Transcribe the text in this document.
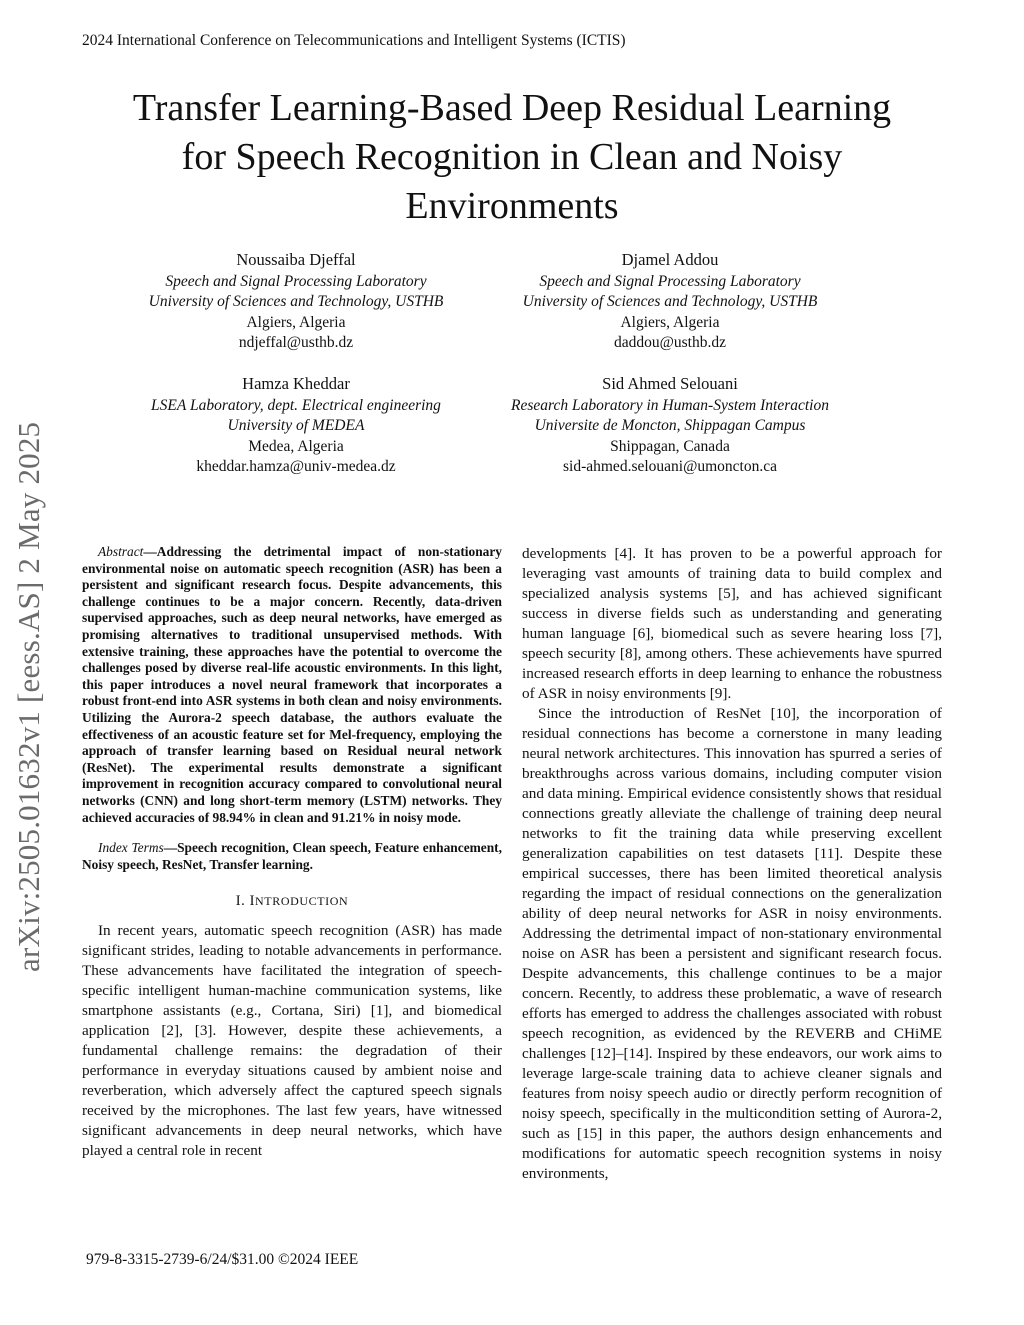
2024 International Conference on Telecommunications and Intelligent Systems (ICTIS)
Transfer Learning-Based Deep Residual Learning
for Speech Recognition in Clean and Noisy
Environments
Noussaiba Djeffal
Speech and Signal Processing Laboratory
University of Sciences and Technology, USTHB
Algiers, Algeria
ndjeffal@usthb.dz
Djamel Addou
Speech and Signal Processing Laboratory
University of Sciences and Technology, USTHB
Algiers, Algeria
daddou@usthb.dz
Hamza Kheddar
LSEA Laboratory, dept. Electrical engineering
University of MEDEA
Medea, Algeria
kheddar.hamza@univ-medea.dz
Sid Ahmed Selouani
Research Laboratory in Human-System Interaction
Universite de Moncton, Shippagan Campus
Shippagan, Canada
sid-ahmed.selouani@umoncton.ca
arXiv:2505.01632v1 [eess.AS] 2 May 2025	Abstract—Addressing the detrimental impact of non-stationary environmental noise on automatic speech recognition (ASR) has been a persistent and significant research focus. Despite advancements, this challenge continues to be a major concern. Recently, data-driven supervised approaches, such as deep neural networks, have emerged as promising alternatives to traditional unsupervised methods. With extensive training, these approaches have the potential to overcome the challenges posed by diverse real-life acoustic environments. In this light, this paper introduces a novel neural framework that incorporates a robust front-end into ASR systems in both clean and noisy environments. Utilizing the Aurora-2 speech database, the authors evaluate the effectiveness of an acoustic feature set for Mel-frequency, employing the approach of transfer learning based on Residual neural network (ResNet). The experimental results demonstrate a significant improvement in recognition accuracy compared to convolutional neural networks (CNN) and long short-term memory (LSTM) networks. They achieved accuracies of 98.94% in clean and 91.21% in noisy mode.

Index Terms—Speech recognition, Clean speech, Feature enhancement, Noisy speech, ResNet, Transfer learning.

I. INTRODUCTION

In recent years, automatic speech recognition (ASR) has made significant strides, leading to notable advancements in performance. These advancements have facilitated the integration of speech-specific intelligent human-machine communication systems, like smartphone assistants (e.g., Cortana, Siri) [1], and biomedical application [2], [3]. However, despite these achievements, a fundamental challenge remains: the degradation of their performance in everyday situations caused by ambient noise and reverberation, which adversely affect the captured speech signals received by the microphones. The last few years, have witnessed significant advancements in deep neural networks, which have played a central role in recent

developments [4]. It has proven to be a powerful approach for leveraging vast amounts of training data to build complex and specialized analysis systems [5], and has achieved significant success in diverse fields such as understanding and generating human language [6], biomedical such as severe hearing loss [7], speech security [8], among others. These achievements have spurred increased research efforts in deep learning to enhance the robustness of ASR in noisy environments [9].

Since the introduction of ResNet [10], the incorporation of residual connections has become a cornerstone in many leading neural network architectures. This innovation has spurred a series of breakthroughs across various domains, including computer vision and data mining. Empirical evidence consistently shows that residual connections greatly alleviate the challenge of training deep neural networks to fit the training data while preserving excellent generalization capabilities on test datasets [11]. Despite these empirical successes, there has been limited theoretical analysis regarding the impact of residual connections on the generalization ability of deep neural networks for ASR in noisy environments. Addressing the detrimental impact of non-stationary environmental noise on ASR has been a persistent and significant research focus. Despite advancements, this challenge continues to be a major concern. Recently, to address these problematic, a wave of research efforts has emerged to address the challenges associated with robust speech recognition, as evidenced by the REVERB and CHiME challenges [12]–[14]. Inspired by these endeavors, our work aims to leverage large-scale training data to achieve cleaner signals and features from noisy speech audio or directly perform recognition of noisy speech, specifically in the multicondition setting of Aurora-2, such as [15] in this paper, the authors design enhancements and modifications for automatic speech recognition systems in noisy environments,

979-8-3315-2739-6/24/$31.00 ©2024 IEEE
